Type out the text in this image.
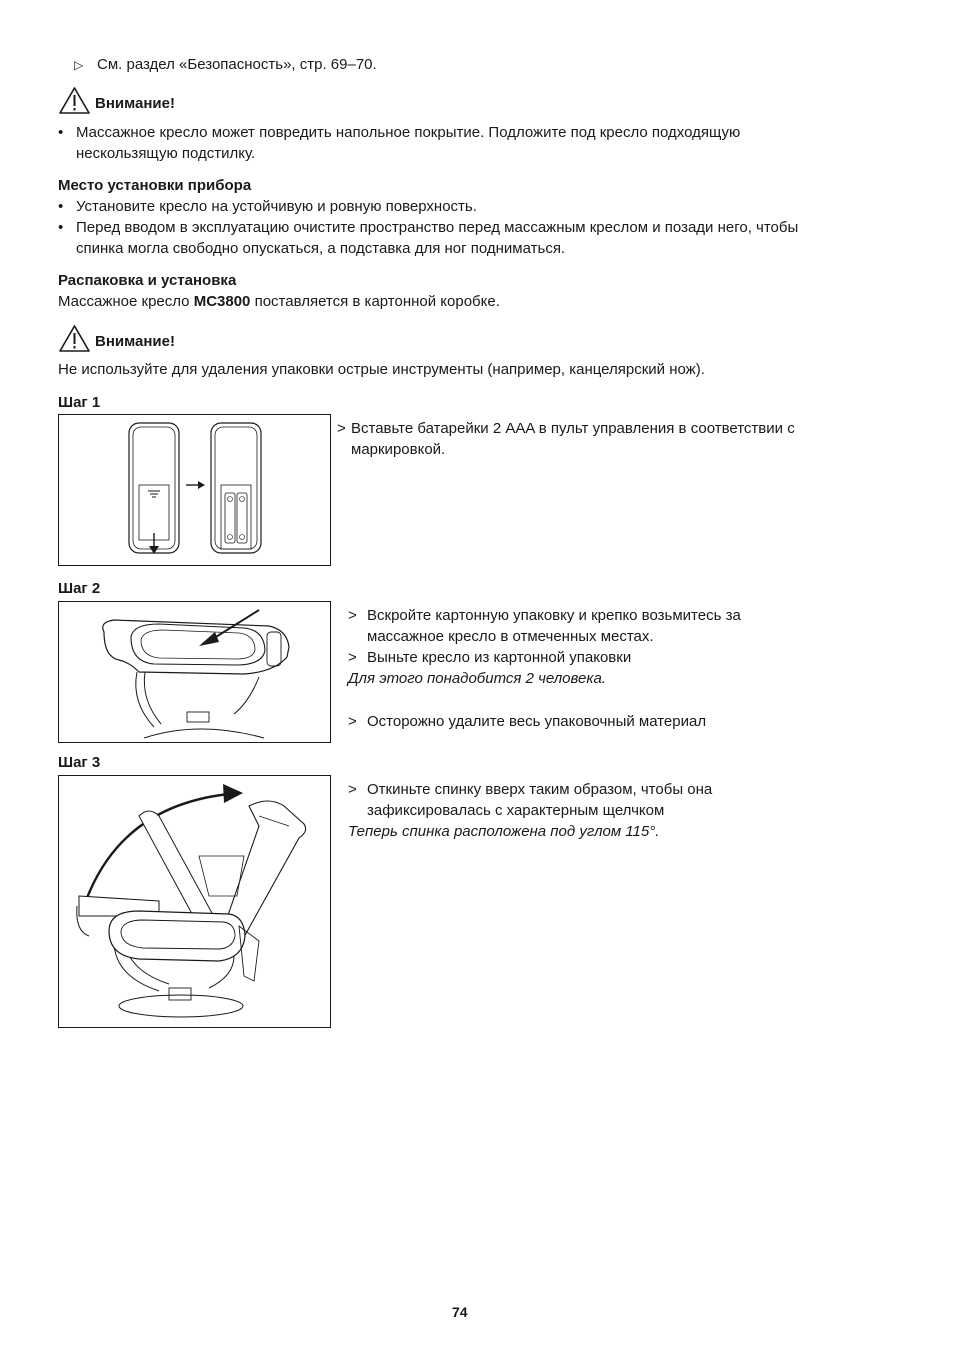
▷ См. раздел «Безопасность», стр. 69–70.
Внимание!
• Массажное кресло может повредить напольное покрытие. Подложите под кресло подходящую
нескользящую подстилку.
Место установки прибора
• Установите кресло на устойчивую и ровную поверхность.
• Перед вводом в эксплуатацию очистите пространство перед массажным креслом и позади него, чтобы
спинка могла свободно опускаться, а подставка для ног подниматься.
Распаковка и установка
Массажное кресло MC3800 поставляется в картонной коробке.
Внимание!
Не используйте для удаления упаковки острые инструменты (например, канцелярский нож).
Шаг 1
> Вставьте батарейки 2 AAA в пульт управления в соответствии с
маркировкой.
Шаг 2
> Вскройте картонную упаковку и крепко возьмитесь за
массажное кресло в отмеченных местах.
> Выньте кресло из картонной упаковки
Для этого понадобится 2 человека.
> Осторожно удалите весь упаковочный материал
Шаг 3
> Откиньте спинку вверх таким образом, чтобы она
зафиксировалась с характерным щелчком
Теперь спинка расположена под углом 115°.
74
